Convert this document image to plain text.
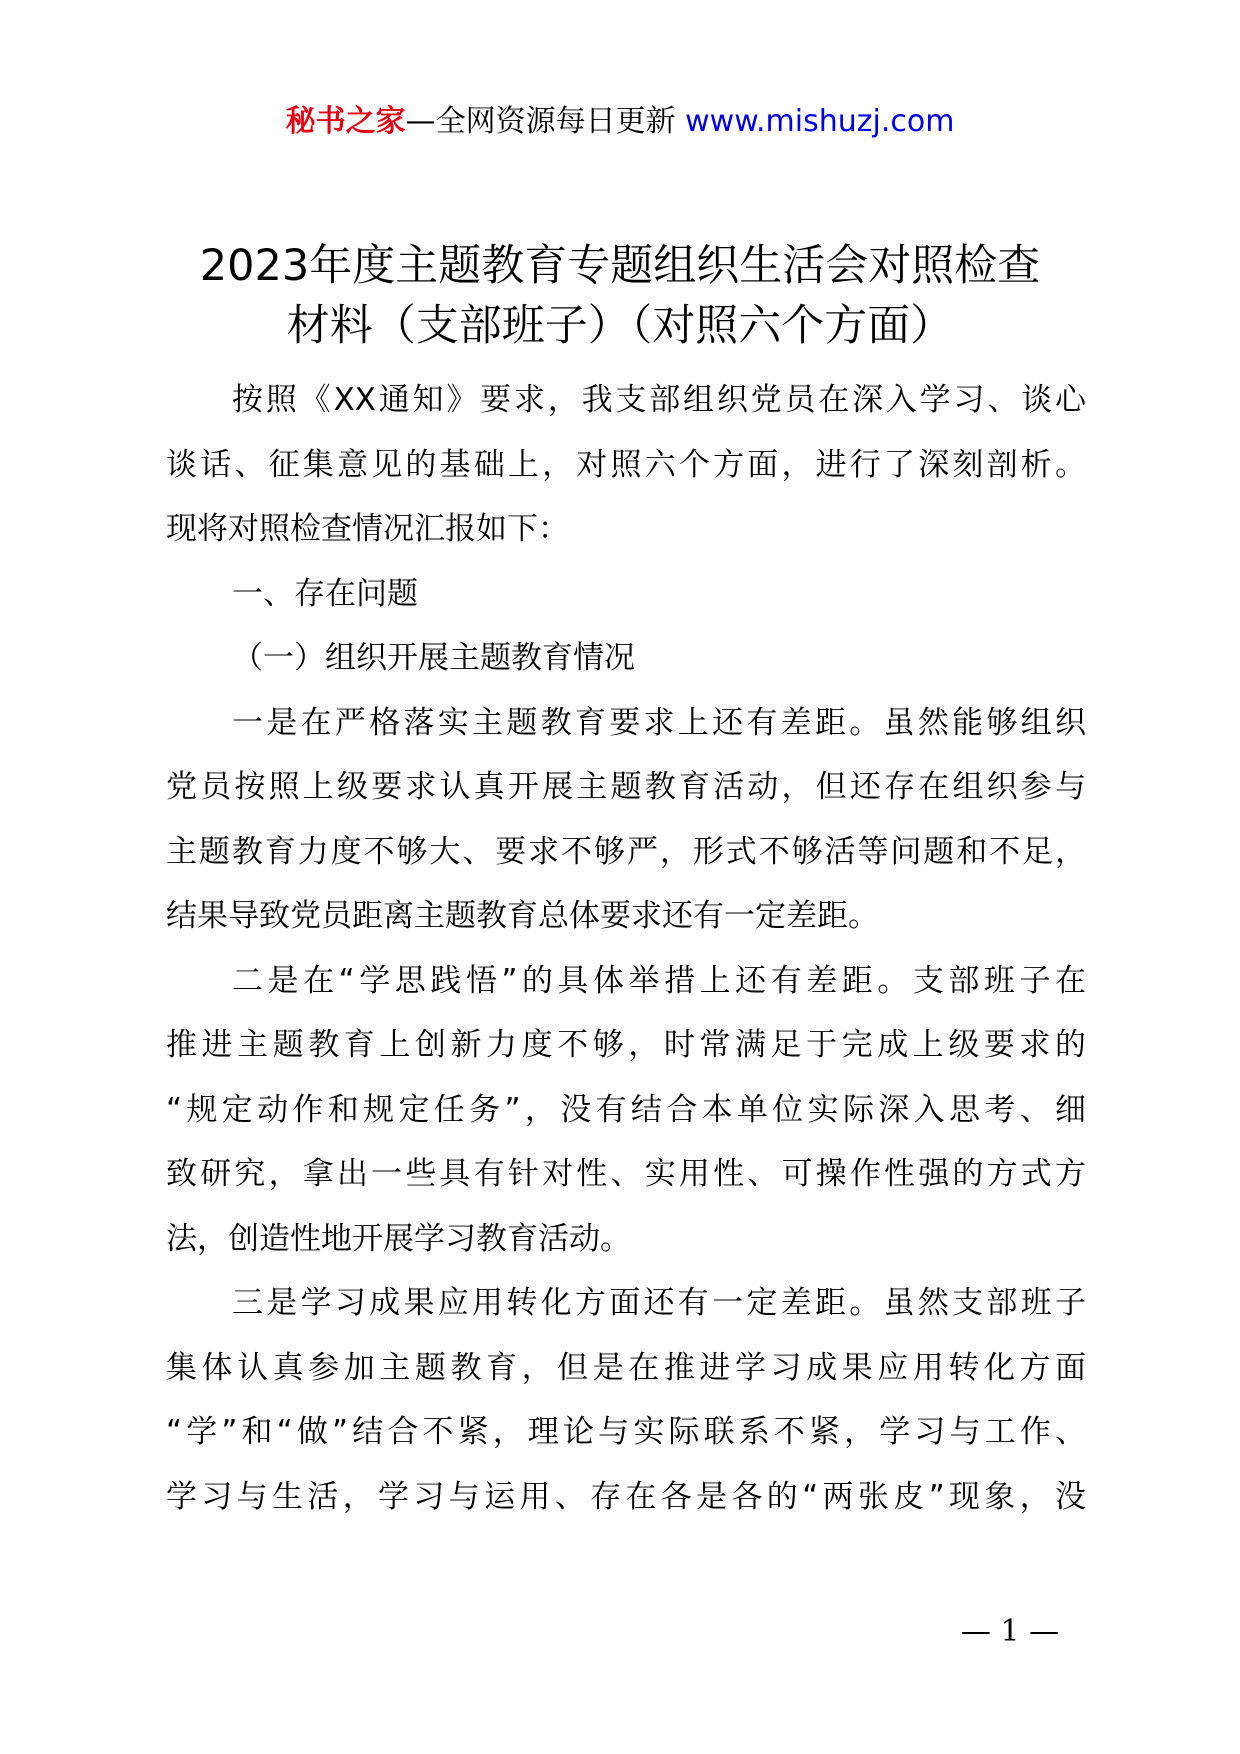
秘书之家—全网资源每日更新 www.mishuzj.com
2023年度主题教育专题组织生活会对照检查
材料（支部班子）（对照六个方面）
按照《XX通知》要求，我支部组织党员在深入学习、谈心
谈话、征集意见的基础上，对照六个方面，进行了深刻剖析。
现将对照检查情况汇报如下：
一、存在问题
（一）组织开展主题教育情况
一是在严格落实主题教育要求上还有差距。虽然能够组织
党员按照上级要求认真开展主题教育活动，但还存在组织参与
主题教育力度不够大、要求不够严，形式不够活等问题和不足，
结果导致党员距离主题教育总体要求还有一定差距。
二是在“学思践悟”的具体举措上还有差距。支部班子在
推进主题教育上创新力度不够，时常满足于完成上级要求的
“规定动作和规定任务”，没有结合本单位实际深入思考、细
致研究，拿出一些具有针对性、实用性、可操作性强的方式方
法，创造性地开展学习教育活动。
三是学习成果应用转化方面还有一定差距。虽然支部班子
集体认真参加主题教育，但是在推进学习成果应用转化方面
“学”和“做”结合不紧，理论与实际联系不紧，学习与工作、
学习与生活，学习与运用、存在各是各的“两张皮”现象，没
— 1 —
